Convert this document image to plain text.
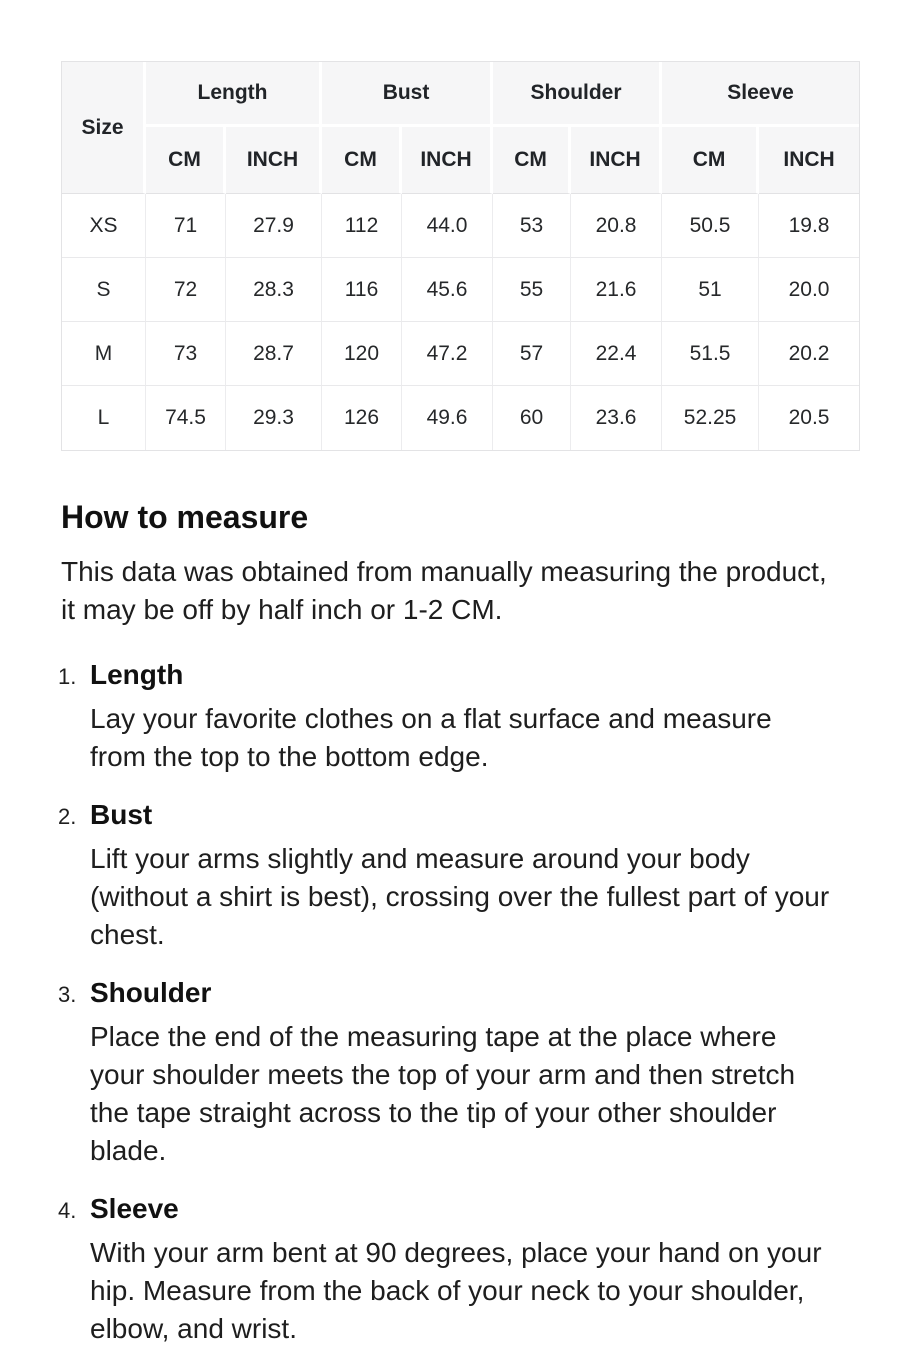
Size	Length		Bust		Shoulder		Sleeve	
	CM	INCH	CM	INCH	CM	INCH	CM	INCH
XS	71	27.9	112	44.0	53	20.8	50.5	19.8
S	72	28.3	116	45.6	55	21.6	51	20.0
M	73	28.7	120	47.2	57	22.4	51.5	20.2
L	74.5	29.3	126	49.6	60	23.6	52.25	20.5
How to measure

This data was obtained from manually measuring the product, it may be off by half inch or 1-2 CM.

1. Length

Lay your favorite clothes on a flat surface and measure from the top to the bottom edge.

2. Bust

Lift your arms slightly and measure around your body (without a shirt is best), crossing over the fullest part of your chest.

3. Shoulder

Place the end of the measuring tape at the place where your shoulder meets the top of your arm and then stretch the tape straight across to the tip of your other shoulder blade.

4. Sleeve

With your arm bent at 90 degrees, place your hand on your hip. Measure from the back of your neck to your shoulder, elbow, and wrist.
